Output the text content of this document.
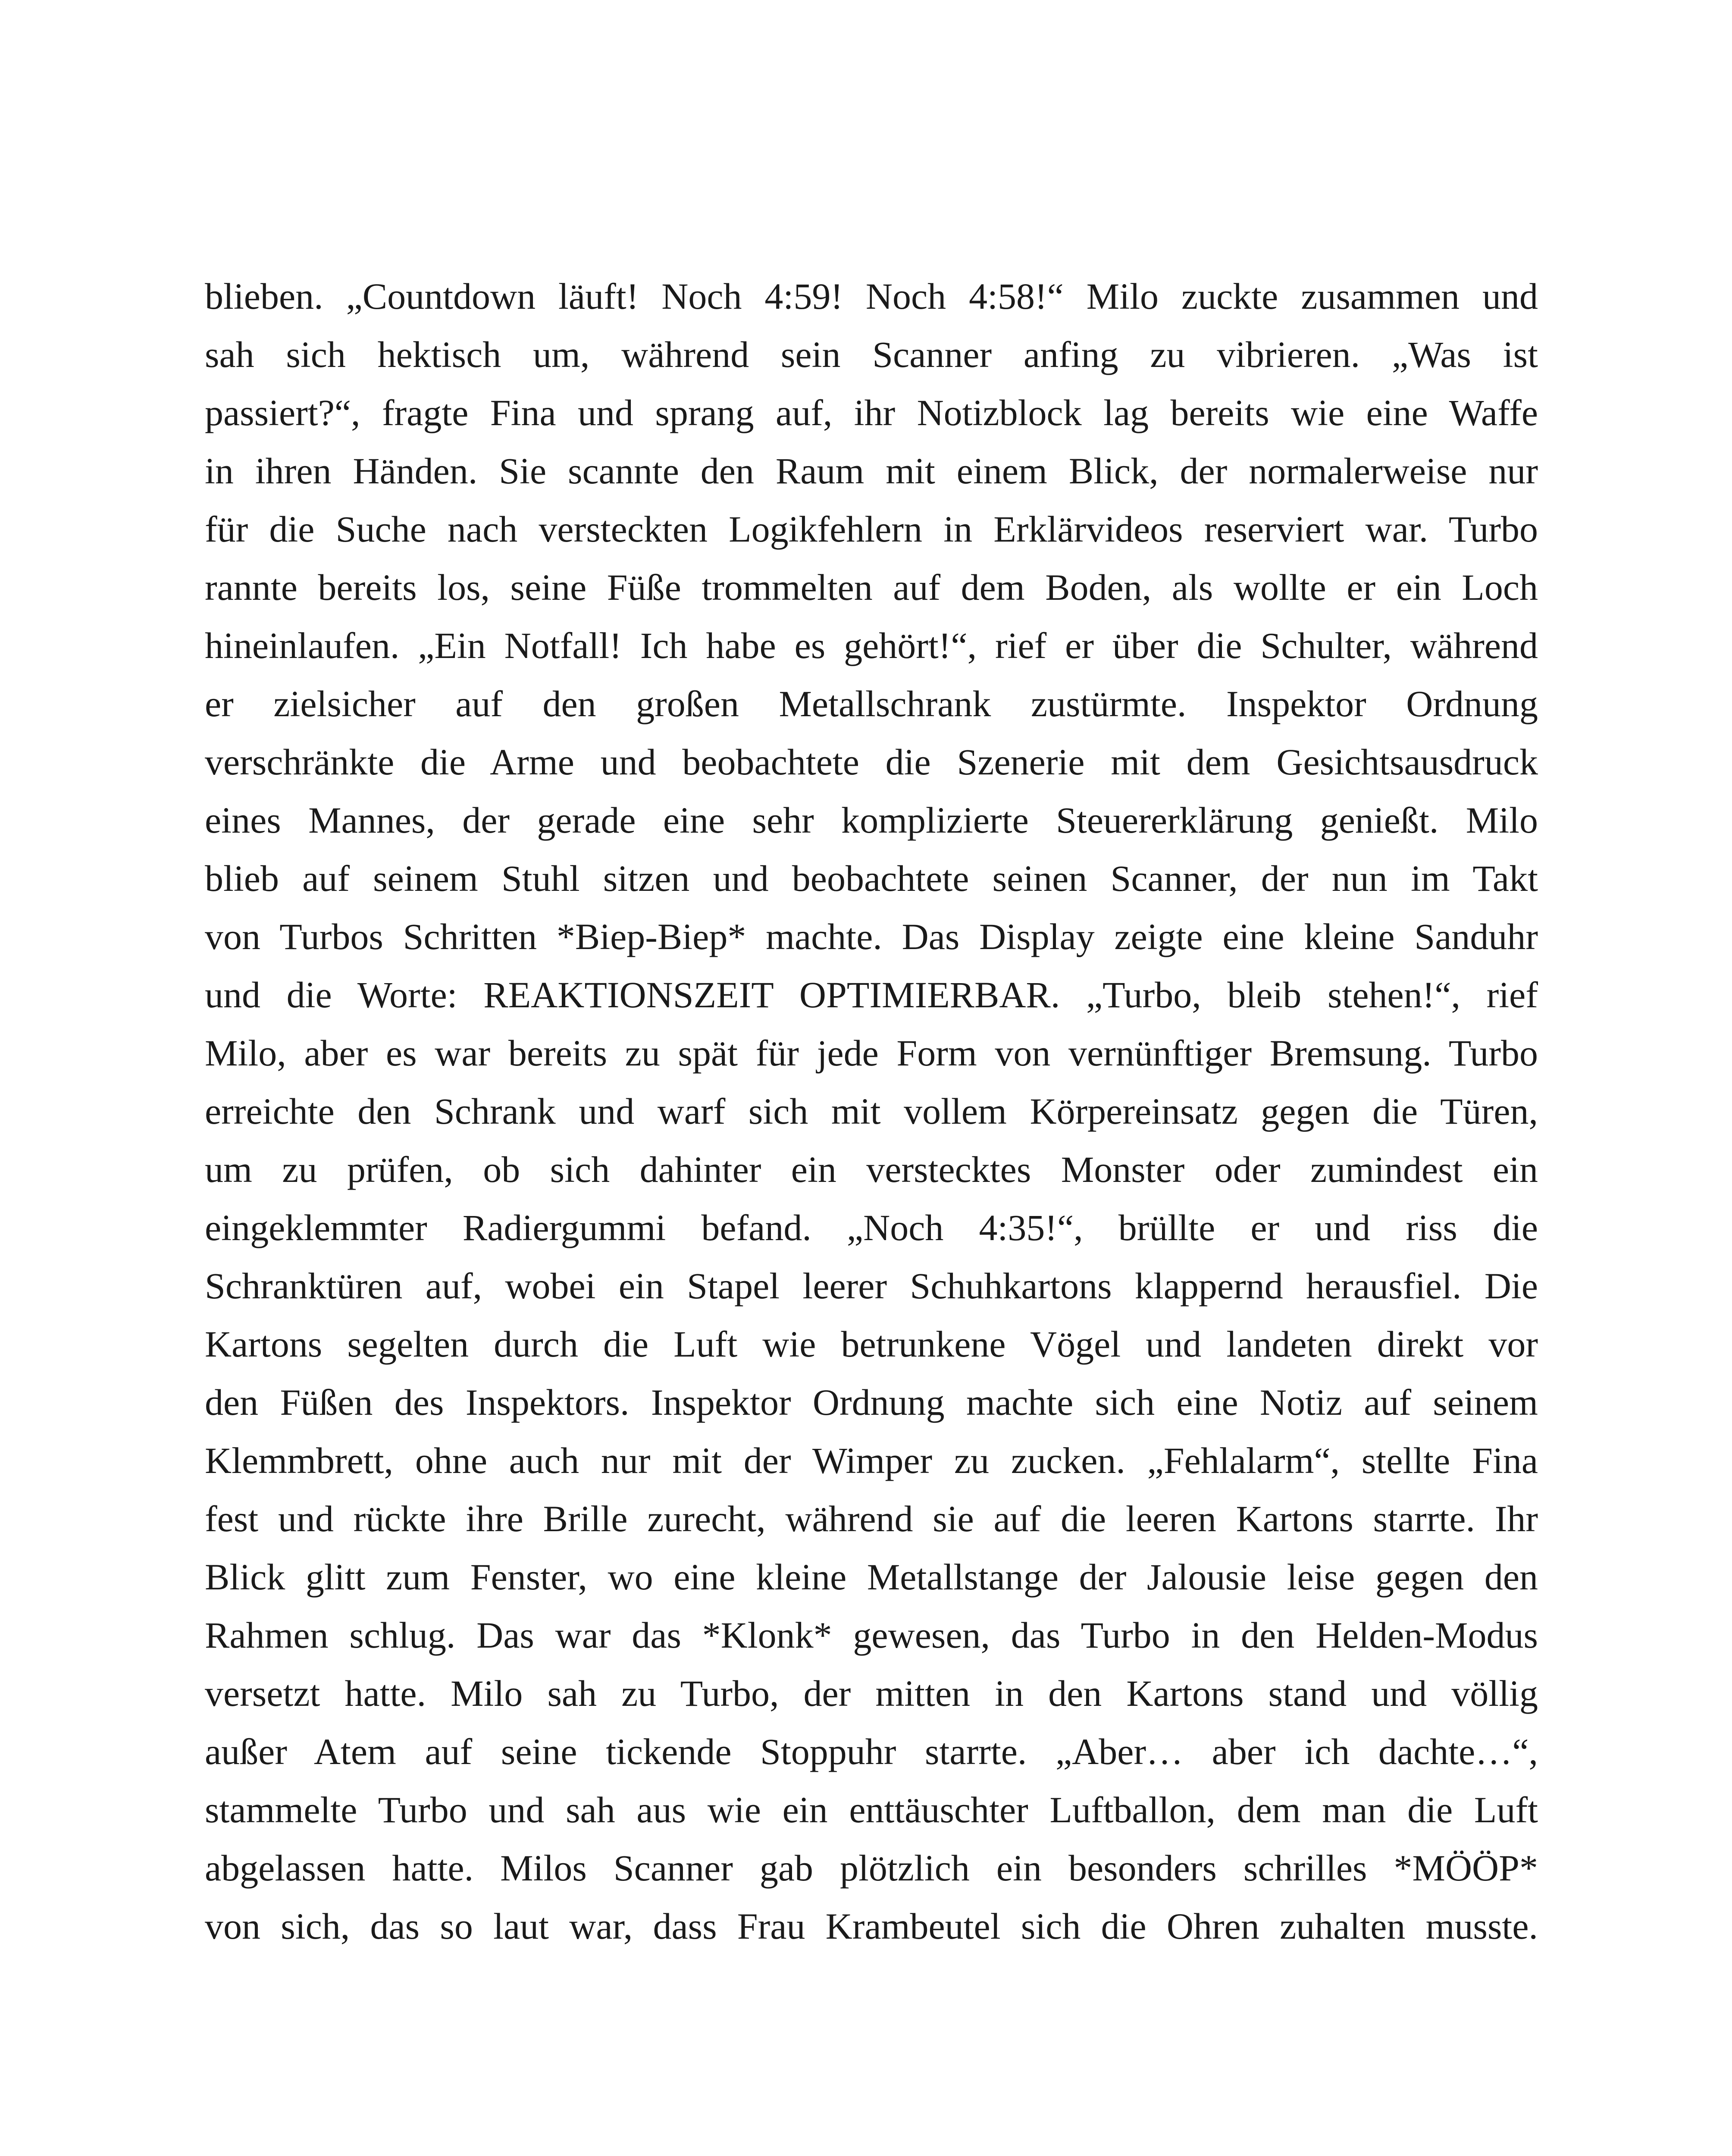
blieben. „Countdown läuft! Noch 4:59! Noch 4:58!“ Milo zuckte zusammen und
sah sich hektisch um, während sein Scanner anfing zu vibrieren. „Was ist
passiert?“, fragte Fina und sprang auf, ihr Notizblock lag bereits wie eine Waffe
in ihren Händen. Sie scannte den Raum mit einem Blick, der normalerweise nur
für die Suche nach versteckten Logikfehlern in Erklärvideos reserviert war. Turbo
rannte bereits los, seine Füße trommelten auf dem Boden, als wollte er ein Loch
hineinlaufen. „Ein Notfall! Ich habe es gehört!“, rief er über die Schulter, während
er zielsicher auf den großen Metallschrank zustürmte. Inspektor Ordnung
verschränkte die Arme und beobachtete die Szenerie mit dem Gesichtsausdruck
eines Mannes, der gerade eine sehr komplizierte Steuererklärung genießt. Milo
blieb auf seinem Stuhl sitzen und beobachtete seinen Scanner, der nun im Takt
von Turbos Schritten *Biep-Biep* machte. Das Display zeigte eine kleine Sanduhr
und die Worte: REAKTIONSZEIT OPTIMIERBAR. „Turbo, bleib stehen!“, rief
Milo, aber es war bereits zu spät für jede Form von vernünftiger Bremsung. Turbo
erreichte den Schrank und warf sich mit vollem Körpereinsatz gegen die Türen,
um zu prüfen, ob sich dahinter ein verstecktes Monster oder zumindest ein
eingeklemmter Radiergummi befand. „Noch 4:35!“, brüllte er und riss die
Schranktüren auf, wobei ein Stapel leerer Schuhkartons klappernd herausfiel. Die
Kartons segelten durch die Luft wie betrunkene Vögel und landeten direkt vor
den Füßen des Inspektors. Inspektor Ordnung machte sich eine Notiz auf seinem
Klemmbrett, ohne auch nur mit der Wimper zu zucken. „Fehlalarm“, stellte Fina
fest und rückte ihre Brille zurecht, während sie auf die leeren Kartons starrte. Ihr
Blick glitt zum Fenster, wo eine kleine Metallstange der Jalousie leise gegen den
Rahmen schlug. Das war das *Klonk* gewesen, das Turbo in den Helden-Modus
versetzt hatte. Milo sah zu Turbo, der mitten in den Kartons stand und völlig
außer Atem auf seine tickende Stoppuhr starrte. „Aber… aber ich dachte…“,
stammelte Turbo und sah aus wie ein enttäuschter Luftballon, dem man die Luft
abgelassen hatte. Milos Scanner gab plötzlich ein besonders schrilles *MÖÖP*
von sich, das so laut war, dass Frau Krambeutel sich die Ohren zuhalten musste.
